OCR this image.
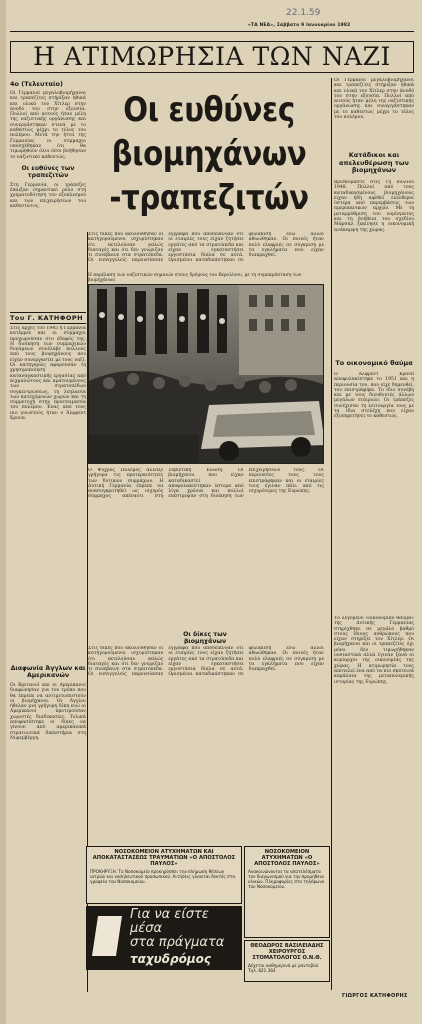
22.1.59
«ΤΑ ΝΕΑ», Σάββατο 9 Ιανουαρίου 1982
Η ΑΤΙΜΩΡΗΣΙΑ ΤΩΝ ΝΑΖΙ
4ο (Τελευταίο)

Οι Γερμανοί μεγαλοβιομήχανοι και τραπεζίτες στήριξαν ηθικά και υλικά τον Χίτλερ στην άνοδό του στην εξουσία. Πολλοί από αυτούς ήταν μέλη της ναζιστικής οργάνωσης και συνεργάστηκαν στενά με το καθεστώς μέχρι το τέλος του πολέμου. Μετά την ήττα της Γερμανίας οι σύμμαχοι υποσχέθηκαν ότι θα τιμωρηθούν όλοι όσοι βοήθησαν το ναζιστικό καθεστώς.

Οι ευθύνες των τραπεζιτών

Στη Γερμανία, οι τράπεζες έπαιξαν σημαντικό ρόλο στη χρηματοδότηση του εξοπλισμού και των επιχειρήσεων του καθεστώτος.

Του Γ. ΚΑΤΗΦΟΡΗ

Στις αρχές του 1945 η Γερμανία κατέρρεε και οι σύμμαχοι προχωρούσαν στο έδαφός της. Η διοίκηση των συμμαχικών δυνάμεων συνέλαβε πολλούς από τους βιομηχάνους που είχαν συνεργαστεί με τους ναζί. Οι κατηγορίες αφορούσαν τη χρησιμοποίηση καταναγκαστικής εργασίας από αιχμαλώτους και κρατουμένους των στρατοπέδων συγκεντρώσεως, τη λεηλασία των κατεχόμενων χωρών και τη συμμετοχή στην προετοιμασία του πολέμου. Ένας από τους πιο γνωστούς ήταν ο Άλφρεντ Κρουπ.

Διαφωνία Άγγλων και Αμερικανών

Οι Βρετανοί και οι Αμερικανοί διαφώνησαν για τον τρόπο που θα έπρεπε να αντιμετωπιστούν οι βιομήχανοι. Οι Άγγλοι ήθελαν μια γρήγορη δίκη ενώ οι Αμερικανοί προτιμούσαν χωριστές διαδικασίες. Τελικά αποφασίστηκε οι δίκες να γίνουν από αμερικανικά στρατιωτικά δικαστήρια στη Νυρεμβέργη.

Οι ευθύνες
βιομηχάνων
-τραπεζιτών

Οι Γερμανοί μεγαλοβιομήχανοι και τραπεζίτες στήριξαν ηθικά και υλικά τον Χίτλερ στην άνοδό του στην εξουσία. Πολλοί από αυτούς ήταν μέλη της ναζιστικής οργάνωσης και συνεργάστηκαν με το καθεστώς μέχρι το τέλος του πολέμου.

Κατάδικοι και απελευθέρωση των βιομηχάνων

Βρισκόμαστε στις 1η Ιουλίου 1948. Πολλοί από τους καταδικασμένους βιομηχάνους είχαν ήδη αφεθεί ελεύθεροι ύστερα από παρεμβάσεις των αμερικανικών αρχών. Με τη μεταρρύθμιση του νομίσματος και τη βοήθεια του σχεδίου Μάρσαλ ξεκίνησε η οικονομική ανάκαμψη της χώρας.

Το οικονομικό θαύμα

Ο Άλφρεντ Κρουπ αποφυλακίστηκε το 1951 και η περιουσία του, που είχε δημευθεί, του επιστράφηκε. Το ίδιο συνέβη και με τους διευθυντές άλλων μεγάλων εταιριών. Οι τράπεζες συνέχισαν τη λειτουργία τους με τα ίδια στελέχη που είχαν εξυπηρετήσει το καθεστώς.

Το λεγόμενο «οικονομικό θαύμα» της Δυτικής Γερμανίας στηρίχθηκε σε μεγάλο βαθμό στους ίδιους ανθρώπους που είχαν στηρίξει τον Χίτλερ. Οι βιομήχανοι και οι τραπεζίτες όχι μόνο δεν τιμωρήθηκαν ουσιαστικά αλλά έγιναν ξανά οι κυρίαρχοι της οικονομίας της χώρας. Η ατιμωρησία τους αποτελεί ένα από τα πιο σκοτεινά κεφάλαια της μεταπολεμικής ιστορίας της Ευρώπης.

Στις δίκες που ακολούθησαν οι κατηγορούμενοι ισχυρίστηκαν ότι εκτελούσαν απλώς διαταγές και ότι δεν γνώριζαν τι συνέβαινε στα στρατόπεδα. Οι εισαγγελείς παρουσίασαν έγγραφα που αποδείκνυαν ότι οι εταιρίες τους είχαν ζητήσει εργάτες από τα στρατόπεδα και είχαν εγκαταστήσει εργοστάσια δίπλα σε αυτά. Ορισμένοι καταδικάστηκαν σε φυλάκιση ενώ άλλοι αθωώθηκαν. Οι ποινές ήταν πολύ ελαφριές σε σύγκριση με τα εγκλήματα που είχαν διαπραχθεί.

Η παρέλαση των ναζιστικών σημαιών στους δρόμους του Βερολίνου, με τη συμπαράσταση των βιομηχάνων.

Ο Ψυχρός Πόλεμος άλλαξε γρήγορα τις προτεραιότητες των δυτικών συμμάχων. Η Δυτική Γερμανία έπρεπε να ανασυγκροτηθεί ως ισχυρός σύμμαχος απέναντι στη Σοβιετική Ένωση. Οι βιομήχανοι που είχαν καταδικαστεί αποφυλακίστηκαν ύστερα από λίγα χρόνια και πολλοί επέστρεψαν στη διοίκηση των επιχειρήσεών τους. Οι περιουσίες τους τους επιστράφηκαν και οι εταιρίες τους έγιναν πάλι από τις ισχυρότερες της Ευρώπης.

Οι δίκες των βιομηχάνων

Στις δίκες που ακολούθησαν οι κατηγορούμενοι ισχυρίστηκαν ότι εκτελούσαν απλώς διαταγές και ότι δεν γνώριζαν τι συνέβαινε στα στρατόπεδα. Οι εισαγγελείς παρουσίασαν έγγραφα που αποδείκνυαν ότι οι εταιρίες τους είχαν ζητήσει εργάτες από τα στρατόπεδα και είχαν εγκαταστήσει εργοστάσια δίπλα σε αυτά. Ορισμένοι καταδικάστηκαν σε φυλάκιση ενώ άλλοι αθωώθηκαν. Οι ποινές ήταν πολύ ελαφριές σε σύγκριση με τα εγκλήματα που είχαν διαπραχθεί.

ΝΟΣΟΚΟΜΕΙΟΝ ΑΤΥΧΗΜΑΤΩΝ ΚΑΙ ΑΠΟΚΑΤΑΣΤΑΣΕΩΣ ΤΡΑΥΜΑΤΙΩΝ «Ο ΑΠΟΣΤΟΛΟΣ ΠΑΥΛΟΣ»
ΠΡΟΚΗΡΥΞΗ. Το Νοσοκομείο προκηρύσσει την πλήρωση θέσεων ιατρών και νοσηλευτικού προσωπικού. Αιτήσεις γίνονται δεκτές στα γραφεία του Νοσοκομείου.
ΝΟΣΟΚΟΜΕΙΟΝ ΑΤΥΧΗΜΑΤΩΝ «Ο ΑΠΟΣΤΟΛΟΣ ΠΑΥΛΟΣ»
Ανακοινώνονται τα αποτελέσματα του διαγωνισμού για την προμήθεια υλικών. Πληροφορίες στο τηλέφωνο του Νοσοκομείου.
ΘΕΟΔΩΡΟΣ ΒΑΣΙΛΕΙΑΔΗΣ ΧΕΙΡΟΥΡΓΟΣ ΣΤΟΜΑΤΟΛΟΓΟΣ Ο.Ν.Θ.
Δέχεται καθημερινά με ραντεβού. Τηλ. 821.364
Για να είστε
μέσα
στα πράγματα
ταχυδρόμος
ΓΙΩΡΓΟΣ ΚΑΤΗΦΟΡΗΣ
